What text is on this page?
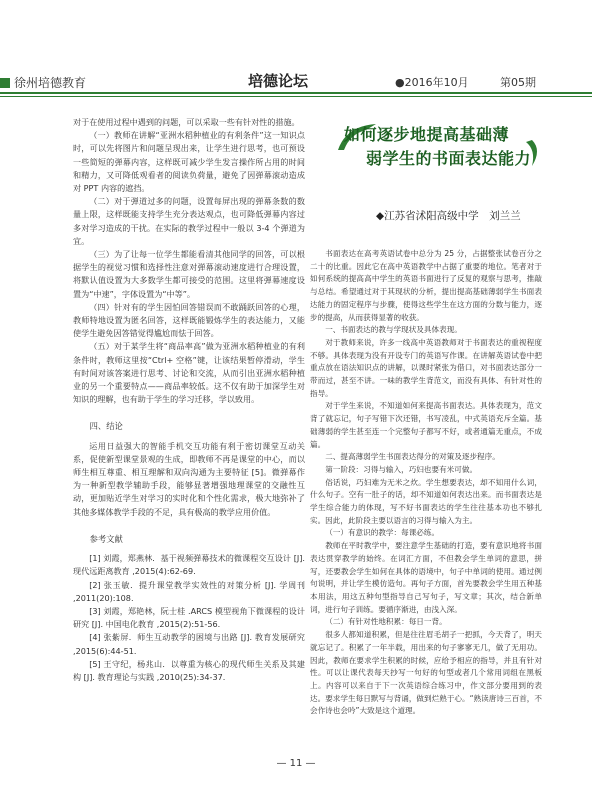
徐州培德教育	培德论坛	●2016年10月	第05期

对于在使用过程中遇到的问题，可以采取一些有针对性的措施。

（一）教师在讲解“亚洲水稻种植业的有利条件”这一知识点时，可以先将图片和问题呈现出来，让学生进行思考，也可预设一些简短的弹幕内容，这样既可减少学生发言操作所占用的时间和精力，又可降低观看者的阅读负荷量，避免了因弹幕滚动造成对 PPT 内容的遮挡。

（二）对于弹道过多的问题，设置每屏出现的弹幕条数的数量上限，这样既能支持学生充分表达观点，也可降低弹幕内容过多对学习造成的干扰。在实际的教学过程中一般以 3-4 个弹道为宜。

（三）为了让每一位学生都能看清其他同学的回答，可以根据学生的视觉习惯和选择性注意对弹幕滚动速度进行合理设置，将默认值设置为大多数学生都可接受的范围。这里将弹幕速度设置为“中速”，字体设置为“中等”。

（四）针对有的学生因怕回答错误而不敢踊跃回答的心理，教师特地设置为匿名回答，这样既能锻炼学生的表达能力，又能使学生避免因答错觉得尴尬而怯于回答。

（五）对于某学生将“商品率高”做为亚洲水稻种植业的有利条件时，教师这里按“Ctrl+ 空格”键，让该结果暂停滑动，学生有时间对该答案进行思考、讨论和交流，从而引出亚洲水稻种植业的另一个重要特点——商品率较低。这不仅有助于加深学生对知识的理解，也有助于学生的学习迁移，学以致用。

四、结论

运用日益强大的智能手机交互功能有利于密切课堂互动关系，促使新型课堂景观的生成，即教师不再是课堂的中心，而以师生相互尊重、相互理解和双向沟通为主要特征 [5]。微弹幕作为一种新型教学辅助手段，能够显著增强地理课堂的交融性互动，更加贴近学生对学习的实时化和个性化需求，极大地弥补了其他多媒体教学手段的不足，具有极高的教学应用价值。

参考文献

[1] 刘霞，郑燕林．基于视频弹幕技术的微课程交互设计 [J]. 现代远距离教育 ,2015(4):62-69.

[2] 张玉敏．提升课堂教学实效性的对策分析 [J]. 学周刊 ,2011(20):108.

[3] 刘霞，郑艳林，阮士桂 .ARCS 模型视角下微课程的设计研究 [J]. 中国电化教育 ,2015(2):51-56.

[4] 张紫屏．师生互动教学的困境与出路 [J]. 教育发展研究 ,2015(6):44-51.

[5] 王守纪，杨兆山．以尊重为核心的现代师生关系及其建构 [J]. 教育理论与实践 ,2010(25):34-37.

如何逐步地提高基础薄
弱学生的书面表达能力
◆江苏省沭阳高级中学　刘兰兰

书面表达在高考英语试卷中总分为 25 分，占据整张试卷百分之二十的比重。因此它在高中英语教学中占据了重要的地位。笔者对于如何系统的提高高中学生的英语书面进行了反复的观察与思考，推敲与总结。希望通过对于其现状的分析，提出提高基础薄弱学生书面表达能力的固定程序与步骤，使得这些学生在这方面的分数与能力，逐步的提高，从而获得显著的收获。

一、书面表达的教与学现状及具体表现。

对于教师来说，许多一线高中英语教师对于书面表达的重视程度不够。具体表现为没有开设专门的英语写作课。在讲解英语试卷中把重点放在语法知识点的讲解，以课时紧张为借口，对书面表达部分一带而过，甚至不讲。一味的教学生背范文，而没有具体、有针对性的指导。

对于学生来说，不知道如何来提高书面表达。具体表现为，范文背了就忘记，句子写错下次还错，书写凌乱，中式英语充斥全篇。基础薄弱的学生甚至连一个完整句子都写不好，或者通篇无重点，不成篇。

二、提高薄弱学生书面表达得分的对策及逐步程序。

第一阶段：习得与输入，巧妇也要有米可做。

俗话说，巧妇难为无米之炊。学生想要表达，却不知用什么词，什么句子。空有一肚子的话，却不知道如何表达出来。而书面表达是学生综合能力的体现，写不好书面表达的学生往往基本功也不够扎实。因此，此阶段主要以语言的习得与输入为主。

（一）有意识的教学：每课必练。

教师在平时教学中，要注意学生基础的打造，要有意识地将书面表达贯穿教学的始终。在词汇方面，不但教会学生单词的意思，拼写，还要教会学生如何在具体的语境中，句子中单词的使用。通过例句说明，并让学生模仿造句。再句子方面，首先要教会学生用五种基本用法，用这五种句型指导自己写句子，写文章；其次，结合新单词，进行句子训练。要循序渐进，由浅入深。

（二）有针对性地积累：每日一背。

很多人都知道积累，但是往往眉毛胡子一把抓，今天背了，明天就忘记了。积累了一年半载，用出来的句子寥寥无几，做了无用功。因此，教师在要求学生积累的时候，应给予相应的指导，并且有针对性。可以让课代表每天抄写一句好的句型或者几个常用词组在黑板上。内容可以来自于下一次英语综合练习中，作文部分要用到的表达。要求学生每日默写与背诵，做到烂熟于心。“熟读唐诗三百首，不会作诗也会吟”大致是这个道理。

— 11 —
